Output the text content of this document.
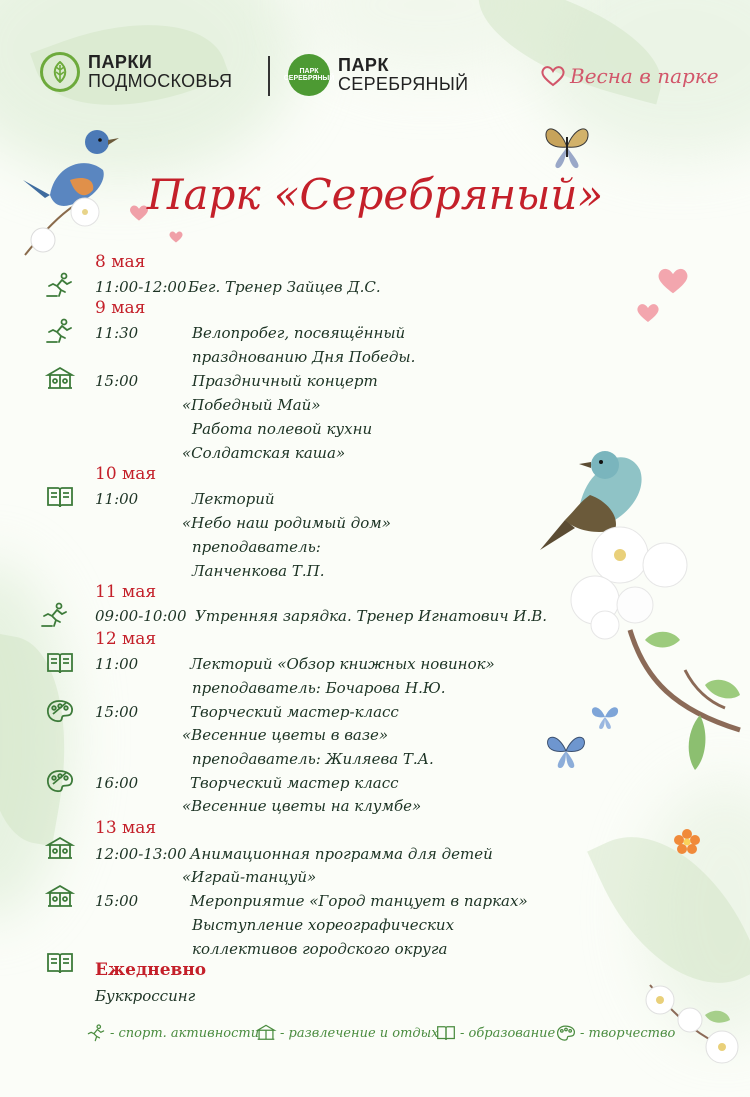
ПАРКИ
ПОДМОСКОВЬЯ	ПАРК СЕРЕБРЯНЫЙ
ПАРК
СЕРЕБРЯНЫЙ	Весна в парке
Парк «Серебряный»
8 мая
11:00-12:00 Бег. Тренер Зайцев Д.С.
9 мая
11:30	Велопробег, посвящённый
празднованию Дня Победы.
15:00	Праздничный концерт
«Победный Май»
Работа полевой кухни
«Солдатская каша»
10 мая
11:00	Лекторий
«Небо наш родимый дом»
преподаватель:
Ланченкова Т.П.
11 мая
09:00-10:00 Утренняя зарядка. Тренер Игнатович И.В.
12 мая
11:00	Лекторий «Обзор книжных новинок»
преподаватель: Бочарова Н.Ю.
15:00	Творческий мастер-класс
«Весенние цветы в вазе»
преподаватель: Жиляева Т.А.
16:00	Творческий мастер класс
«Весенние цветы на клумбе»
13 мая
12:00-13:00 Анимационная программа для детей
«Играй-танцуй»
15:00	Мероприятие «Город танцует в парках»
Выступление хореографических
коллективов городского округа
Ежедневно
Буккроссинг
- спорт. активности - развлечение и отдых - образование - творчество
